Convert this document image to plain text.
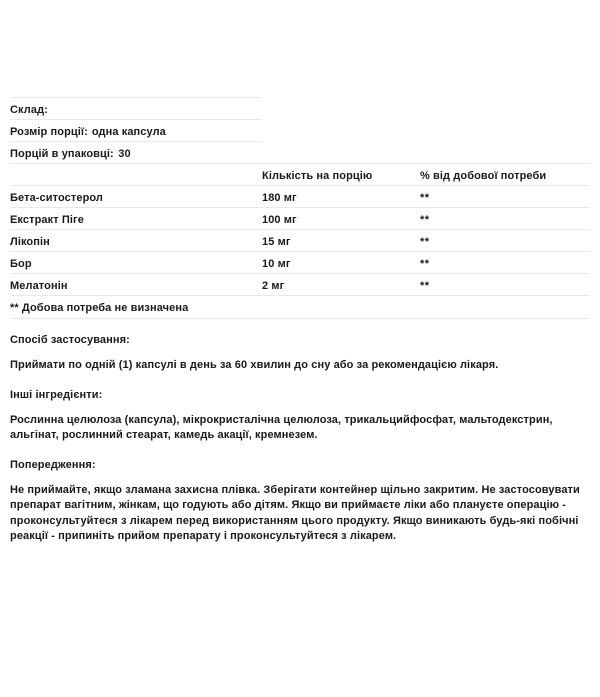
Склад:		
Розмір порції: одна капсула		
Порцій в упаковці: 30		
	Кількість на порцію	% від добової потреби
Бета-ситостерол	180 мг	**
Екстракт Піге	100 мг	**
Лікопін	15 мг	**
Бор	10 мг	**
Мелатонін	2 мг	**
** Добова потреба не визначена		
Спосіб застосування:
Приймати по одній (1) капсулі в день за 60 хвилин до сну або за рекомендацією лікаря.
Інші інгредієнти:
Рослинна целюлоза (капсула), мікрокристалічна целюлоза, трикальцийфосфат, мальтодекстрин, альгінат, рослинний стеарат, камедь акації, кремнезем.
Попередження:
Не приймайте, якщо зламана захисна плівка. Зберігати контейнер щільно закритим. Не застосовувати препарат вагітним, жінкам, що годують або дітям. Якщо ви приймаєте ліки або плануєте операцію - проконсультуйтеся з лікарем перед використанням цього продукту. Якщо виникають будь-які побічні реакції - припиніть прийом препарату і проконсультуйтеся з лікарем.
